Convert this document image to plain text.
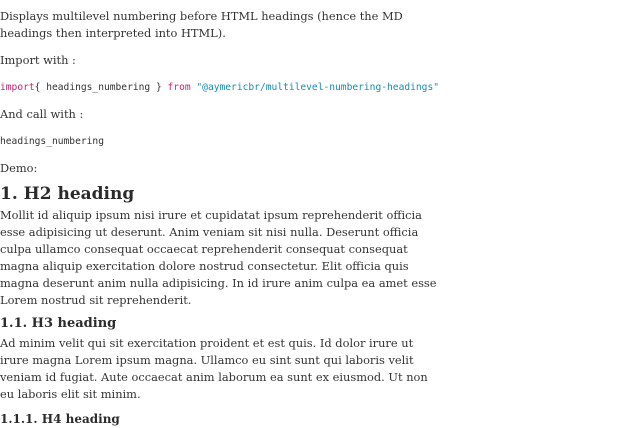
Displays multilevel numbering before HTML headings (hence the MD headings then interpreted into HTML).

Import with :

import{ headings_numbering } from "@aymericbr/multilevel-numbering-headings"

And call with :

headings_numbering

Demo:

1. H2 heading

Mollit id aliquip ipsum nisi irure et cupidatat ipsum reprehenderit officia esse adipisicing ut deserunt. Anim veniam sit nisi nulla. Deserunt officia culpa ullamco consequat occaecat reprehenderit consequat consequat magna aliquip exercitation dolore nostrud consectetur. Elit officia quis magna deserunt anim nulla adipisicing. In id irure anim culpa ea amet esse Lorem nostrud sit reprehenderit.

1.1. H3 heading

Ad minim velit qui sit exercitation proident et est quis. Id dolor irure ut irure magna Lorem ipsum magna. Ullamco eu sint sunt qui laboris velit veniam id fugiat. Aute occaecat anim laborum ea sunt ex eiusmod. Ut non eu laboris elit sit minim.

1.1.1. H4 heading
